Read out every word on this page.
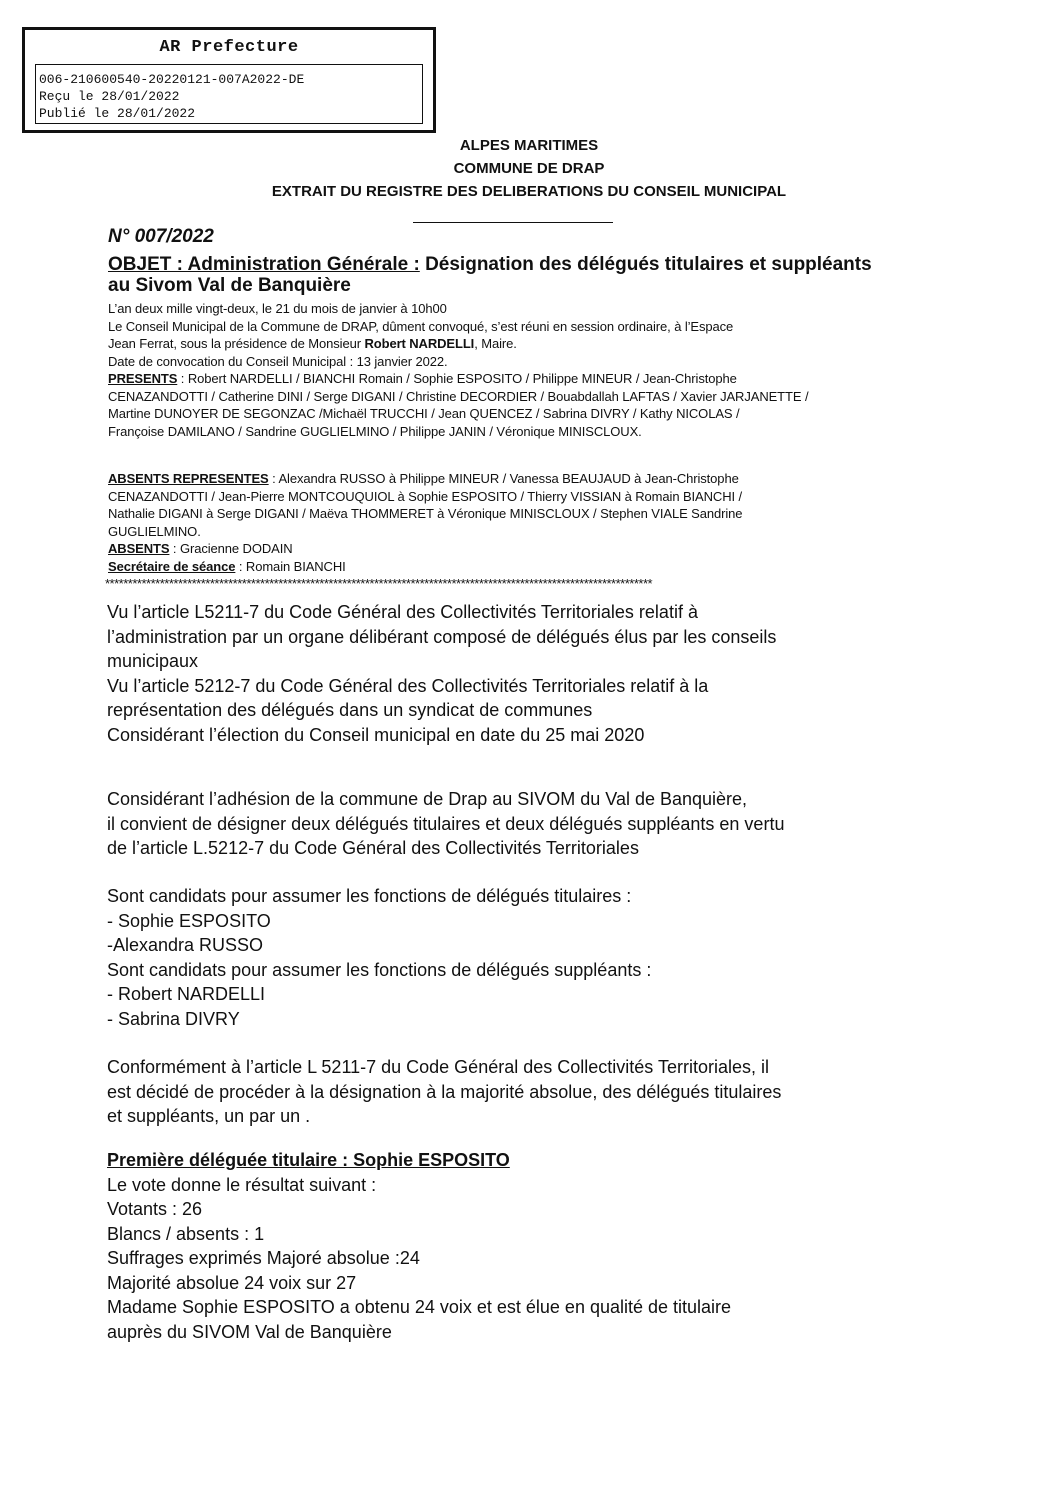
AR Prefecture
006-210600540-20220121-007A2022-DE
Reçu le 28/01/2022
Publié le 28/01/2022
ALPES MARITIMES
COMMUNE DE DRAP
EXTRAIT DU REGISTRE DES DELIBERATIONS DU CONSEIL MUNICIPAL
N° 007/2022
OBJET : Administration Générale : Désignation des délégués titulaires et suppléants au Sivom Val de Banquière
L’an deux mille vingt-deux, le 21 du mois de janvier à 10h00
Le Conseil Municipal de la Commune de DRAP, dûment convoqué, s’est réuni en session ordinaire, à l’Espace
Jean Ferrat, sous la présidence de Monsieur Robert NARDELLI, Maire.
Date de convocation du Conseil Municipal : 13 janvier 2022.
PRESENTS : Robert NARDELLI / BIANCHI Romain / Sophie ESPOSITO / Philippe MINEUR / Jean-Christophe
CENAZANDOTTI / Catherine DINI / Serge DIGANI / Christine DECORDIER / Bouabdallah LAFTAS / Xavier JARJANETTE /
Martine DUNOYER DE SEGONZAC /Michaël TRUCCHI / Jean QUENCEZ / Sabrina DIVRY / Kathy NICOLAS /
Françoise DAMILANO / Sandrine GUGLIELMINO / Philippe JANIN / Véronique MINISCLOUX.
ABSENTS REPRESENTES : Alexandra RUSSO à Philippe MINEUR / Vanessa BEAUJAUD à Jean-Christophe
CENAZANDOTTI / Jean-Pierre MONTCOUQUIOL à Sophie ESPOSITO / Thierry VISSIAN à Romain BIANCHI /
Nathalie DIGANI à Serge DIGANI / Maëva THOMMERET à Véronique MINISCLOUX / Stephen VIALE Sandrine
GUGLIELMINO.
ABSENTS : Gracienne DODAIN
Secrétaire de séance : Romain BIANCHI
************************************************************************************************************************
Vu l’article L5211-7 du Code Général des Collectivités Territoriales relatif à
l’administration par un organe délibérant composé de délégués élus par les conseils
municipaux
Vu l’article 5212-7 du Code Général des Collectivités Territoriales relatif à la
représentation des délégués dans un syndicat de communes
Considérant l’élection du Conseil municipal en date du 25 mai 2020
Considérant l’adhésion de la commune de Drap au SIVOM du Val de Banquière,
il convient de désigner deux délégués titulaires et deux délégués suppléants en vertu
de l’article L.5212-7 du Code Général des Collectivités Territoriales
Sont candidats pour assumer les fonctions de délégués titulaires :
- Sophie ESPOSITO
-Alexandra RUSSO
Sont candidats pour assumer les fonctions de délégués suppléants :
- Robert NARDELLI
- Sabrina DIVRY
Conformément à l’article L 5211-7 du Code Général des Collectivités Territoriales, il
est décidé de procéder à la désignation à la majorité absolue, des délégués titulaires
et suppléants, un par un .
Première déléguée titulaire : Sophie ESPOSITO
Le vote donne le résultat suivant :
Votants : 26
Blancs / absents : 1
Suffrages exprimés Majoré absolue :24
Majorité absolue 24 voix sur 27
Madame Sophie ESPOSITO a obtenu 24 voix et est élue en qualité de titulaire
auprès du SIVOM Val de Banquière
